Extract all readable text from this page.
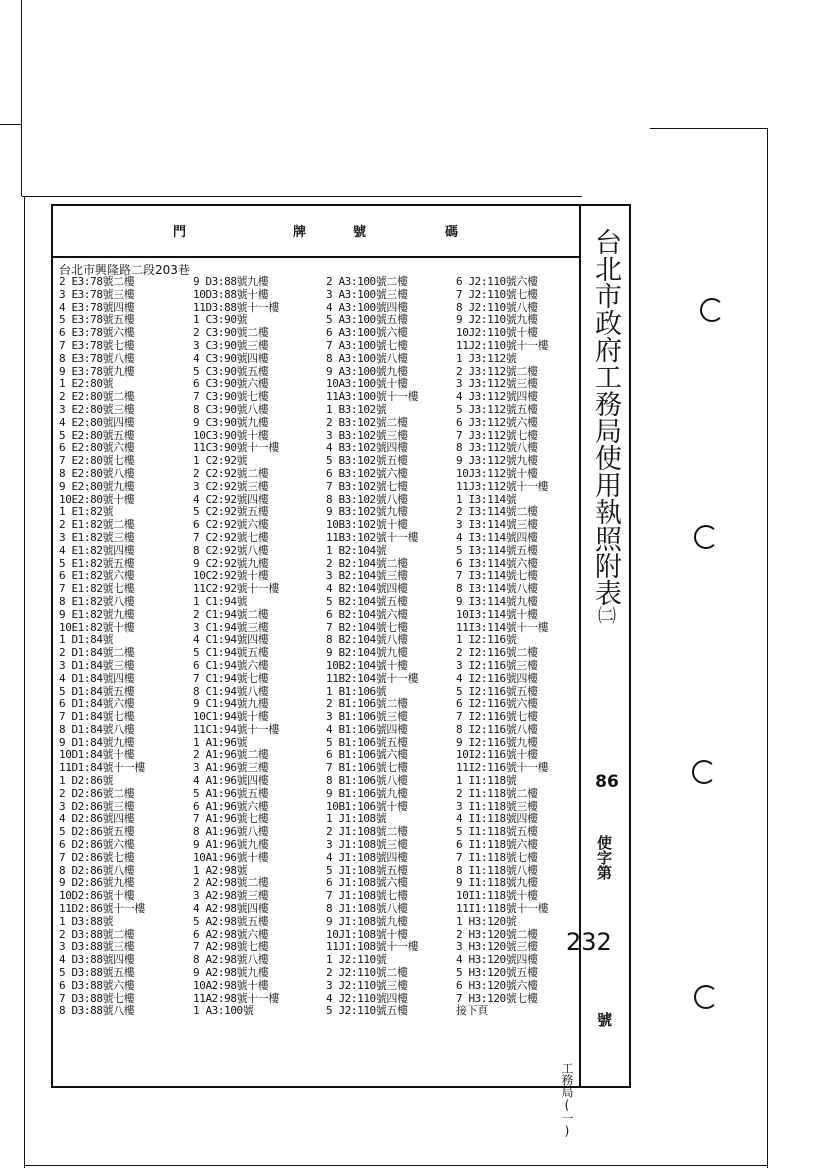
門	牌	號	碼
台北市興隆路二段203巷
2 E3:78號二樓
3 E3:78號三樓
4 E3:78號四樓
5 E3:78號五樓
6 E3:78號六樓
7 E3:78號七樓
8 E3:78號八樓
9 E3:78號九樓
1 E2:80號
2 E2:80號二樓
3 E2:80號三樓
4 E2:80號四樓
5 E2:80號五樓
6 E2:80號六樓
7 E2:80號七樓
8 E2:80號八樓
9 E2:80號九樓
10E2:80號十樓
1 E1:82號
2 E1:82號二樓
3 E1:82號三樓
4 E1:82號四樓
5 E1:82號五樓
6 E1:82號六樓
7 E1:82號七樓
8 E1:82號八樓
9 E1:82號九樓
10E1:82號十樓
1 D1:84號
2 D1:84號二樓
3 D1:84號三樓
4 D1:84號四樓
5 D1:84號五樓
6 D1:84號六樓
7 D1:84號七樓
8 D1:84號八樓
9 D1:84號九樓
10D1:84號十樓
11D1:84號十一樓
1 D2:86號
2 D2:86號二樓
3 D2:86號三樓
4 D2:86號四樓
5 D2:86號五樓
6 D2:86號六樓
7 D2:86號七樓
8 D2:86號八樓
9 D2:86號九樓
10D2:86號十樓
11D2:86號十一樓
1 D3:88號
2 D3:88號二樓
3 D3:88號三樓
4 D3:88號四樓
5 D3:88號五樓
6 D3:88號六樓
7 D3:88號七樓
8 D3:88號八樓
9 D3:88號九樓
10D3:88號十樓
11D3:88號十一樓
1 C3:90號
2 C3:90號二樓
3 C3:90號三樓
4 C3:90號四樓
5 C3:90號五樓
6 C3:90號六樓
7 C3:90號七樓
8 C3:90號八樓
9 C3:90號九樓
10C3:90號十樓
11C3:90號十一樓
1 C2:92號
2 C2:92號二樓
3 C2:92號三樓
4 C2:92號四樓
5 C2:92號五樓
6 C2:92號六樓
7 C2:92號七樓
8 C2:92號八樓
9 C2:92號九樓
10C2:92號十樓
11C2:92號十一樓
1 C1:94號
2 C1:94號二樓
3 C1:94號三樓
4 C1:94號四樓
5 C1:94號五樓
6 C1:94號六樓
7 C1:94號七樓
8 C1:94號八樓
9 C1:94號九樓
10C1:94號十樓
11C1:94號十一樓
1 A1:96號
2 A1:96號二樓
3 A1:96號三樓
4 A1:96號四樓
5 A1:96號五樓
6 A1:96號六樓
7 A1:96號七樓
8 A1:96號八樓
9 A1:96號九樓
10A1:96號十樓
1 A2:98號
2 A2:98號二樓
3 A2:98號三樓
4 A2:98號四樓
5 A2:98號五樓
6 A2:98號六樓
7 A2:98號七樓
8 A2:98號八樓
9 A2:98號九樓
10A2:98號十樓
11A2:98號十一樓
1 A3:100號
2 A3:100號二樓
3 A3:100號三樓
4 A3:100號四樓
5 A3:100號五樓
6 A3:100號六樓
7 A3:100號七樓
8 A3:100號八樓
9 A3:100號九樓
10A3:100號十樓
11A3:100號十一樓
1 B3:102號
2 B3:102號二樓
3 B3:102號三樓
4 B3:102號四樓
5 B3:102號五樓
6 B3:102號六樓
7 B3:102號七樓
8 B3:102號八樓
9 B3:102號九樓
10B3:102號十樓
11B3:102號十一樓
1 B2:104號
2 B2:104號二樓
3 B2:104號三樓
4 B2:104號四樓
5 B2:104號五樓
6 B2:104號六樓
7 B2:104號七樓
8 B2:104號八樓
9 B2:104號九樓
10B2:104號十樓
11B2:104號十一樓
1 B1:106號
2 B1:106號二樓
3 B1:106號三樓
4 B1:106號四樓
5 B1:106號五樓
6 B1:106號六樓
7 B1:106號七樓
8 B1:106號八樓
9 B1:106號九樓
10B1:106號十樓
1 J1:108號
2 J1:108號二樓
3 J1:108號三樓
4 J1:108號四樓
5 J1:108號五樓
6 J1:108號六樓
7 J1:108號七樓
8 J1:108號八樓
9 J1:108號九樓
10J1:108號十樓
11J1:108號十一樓
1 J2:110號
2 J2:110號二樓
3 J2:110號三樓
4 J2:110號四樓
5 J2:110號五樓
6 J2:110號六樓
7 J2:110號七樓
8 J2:110號八樓
9 J2:110號九樓
10J2:110號十樓
11J2:110號十一樓
1 J3:112號
2 J3:112號二樓
3 J3:112號三樓
4 J3:112號四樓
5 J3:112號五樓
6 J3:112號六樓
7 J3:112號七樓
8 J3:112號八樓
9 J3:112號九樓
10J3:112號十樓
11J3:112號十一樓
1 I3:114號
2 I3:114號二樓
3 I3:114號三樓
4 I3:114號四樓
5 I3:114號五樓
6 I3:114號六樓
7 I3:114號七樓
8 I3:114號八樓
9 I3:114號九樓
10I3:114號十樓
11I3:114號十一樓
1 I2:116號
2 I2:116號二樓
3 I2:116號三樓
4 I2:116號四樓
5 I2:116號五樓
6 I2:116號六樓
7 I2:116號七樓
8 I2:116號八樓
9 I2:116號九樓
10I2:116號十樓
11I2:116號十一樓
1 I1:118號
2 I1:118號二樓
3 I1:118號三樓
4 I1:118號四樓
5 I1:118號五樓
6 I1:118號六樓
7 I1:118號七樓
8 I1:118號八樓
9 I1:118號九樓
10I1:118號十樓
11I1:118號十一樓
1 H3:120號
2 H3:120號二樓
3 H3:120號三樓
4 H3:120號四樓
5 H3:120號五樓
6 H3:120號六樓
7 H3:120號七樓
接下頁
台北市政府工務局使用執照附表㈡
86
使字第
232
號
工務局(一)
